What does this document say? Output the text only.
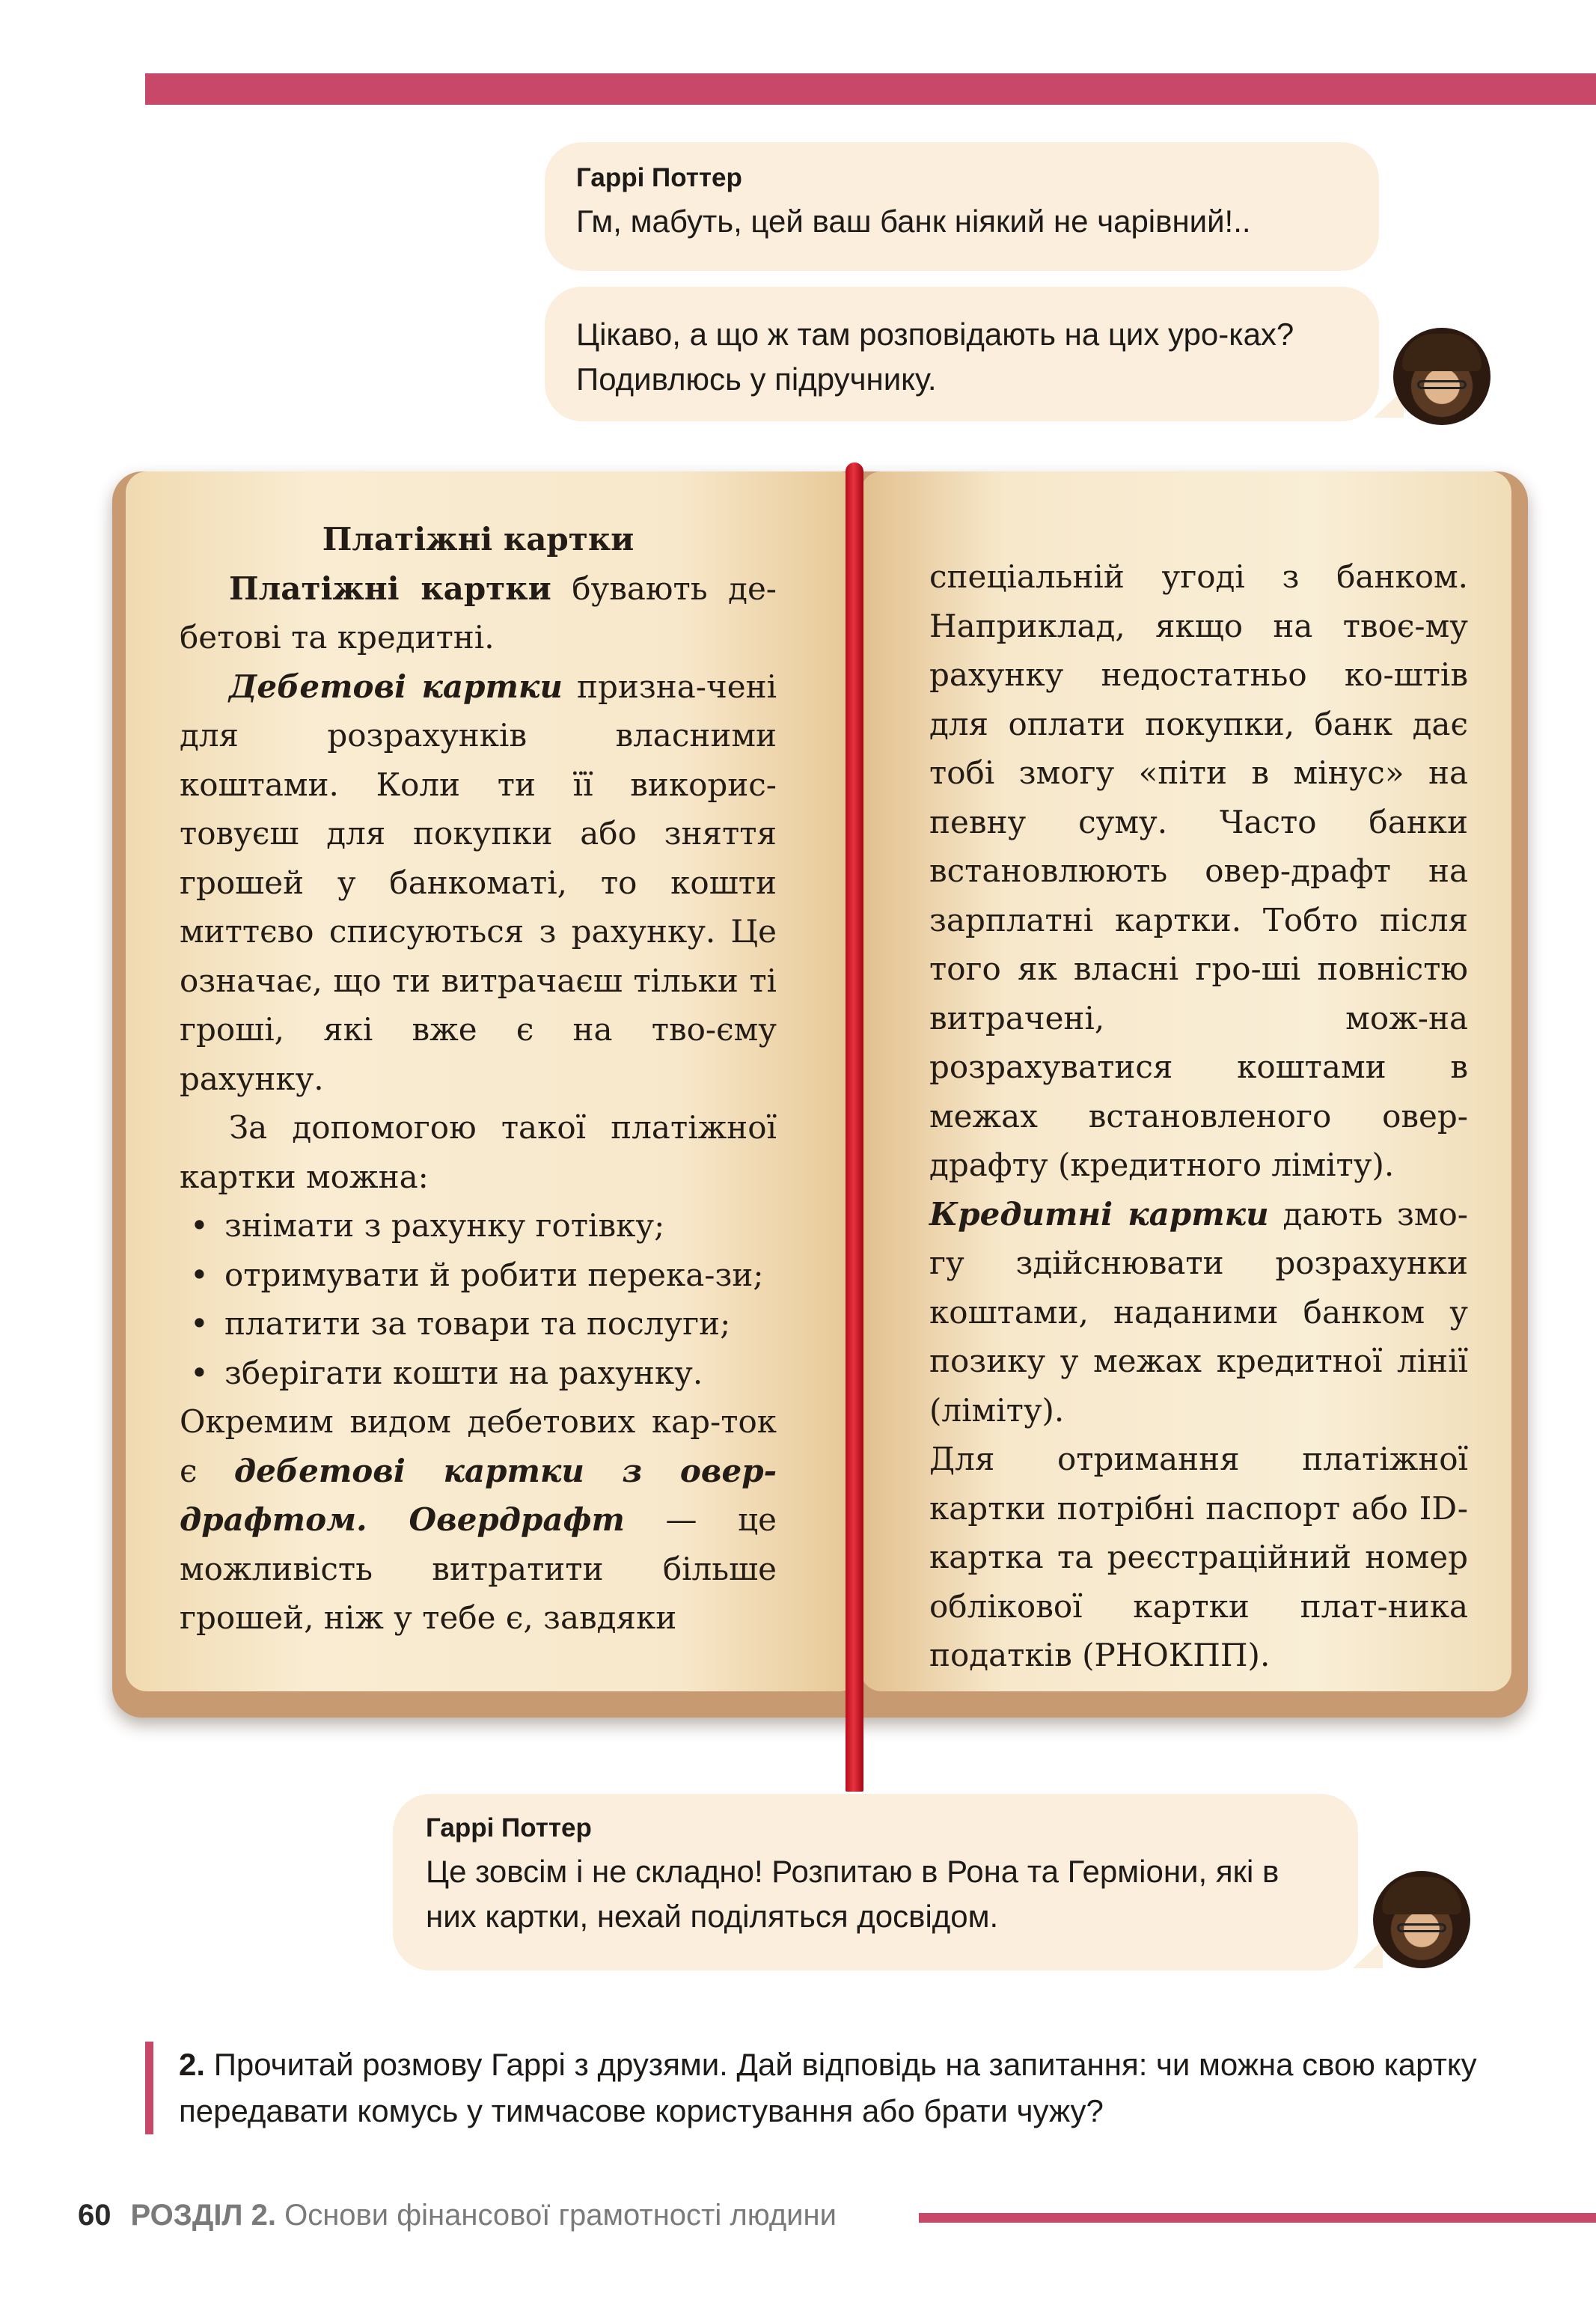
Гаррі Поттер
Гм, мабуть, цей ваш банк ніякий не чарівний!..
Цікаво, а що ж там розповідають на цих уро-ках? Подивлюсь у підручнику.

Платіжні картки

Платіжні картки бувають де-бетові та кредитні.

Дебетові картки призна-чені для розрахунків власними коштами. Коли ти її викорис-товуєш для покупки або зняття грошей у банкоматі, то кошти миттєво списуються з рахунку. Це означає, що ти витрачаєш тільки ті гроші, які вже є на тво-єму рахунку.

За допомогою такої платіжної картки можна:

• знімати з рахунку готівку;
• отримувати й робити перека-зи;
• платити за товари та послуги;
• зберігати кошти на рахунку.

Окремим видом дебетових кар-ток є дебетові картки з овер-драфтом. Овердрафт — це можливість витратити більше грошей, ніж у тебе є, завдяки

спеціальній угоді з банком. Наприклад, якщо на твоє-му рахунку недостатньо ко-штів для оплати покупки, банк дає тобі змогу «піти в мінус» на певну суму. Часто банки встановлюють овер-драфт на зарплатні картки. Тобто після того як власні гро-ші повністю витрачені, мож-на розрахуватися коштами в межах встановленого овер-драфту (кредитного ліміту).

Кредитні картки дають змо-гу здійснювати розрахунки коштами, наданими банком у позику у межах кредитної лінії (ліміту).

Для отримання платіжної картки потрібні паспорт або ID-картка та реєстраційний номер облікової картки плат-ника податків (РНОКПП).

Гаррі Поттер
Це зовсім і не складно! Розпитаю в Рона та Герміони, які в них картки, нехай поділяться досвідом.
2. Прочитай розмову Гаррі з друзями. Дай відповідь на запитання: чи можна свою картку передавати комусь у тимчасове користування або брати чужу?
60 РОЗДІЛ 2. Основи фінансової грамотності людини
